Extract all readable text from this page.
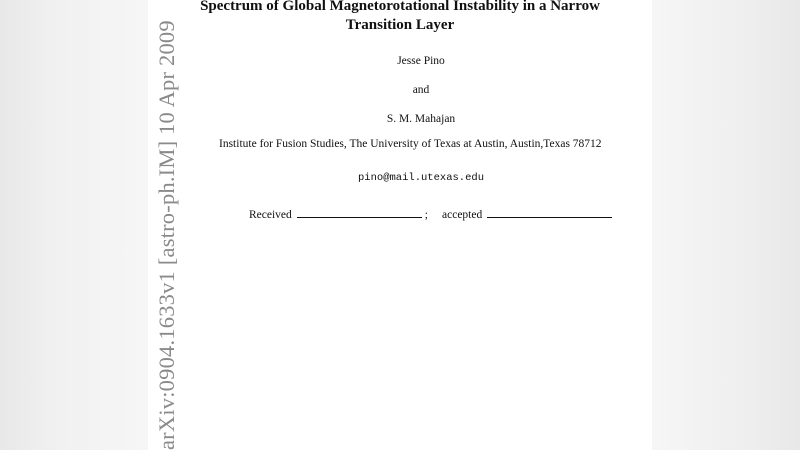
arXiv:0904.1633v1 [astro-ph.IM] 10 Apr 2009
Spectrum of Global Magnetorotational Instability in a Narrow
Transition Layer
Jesse Pino
and
S. M. Mahajan
Institute for Fusion Studies, The University of Texas at Austin, Austin,Texas 78712
pino@mail.utexas.edu
Received	; accepted
